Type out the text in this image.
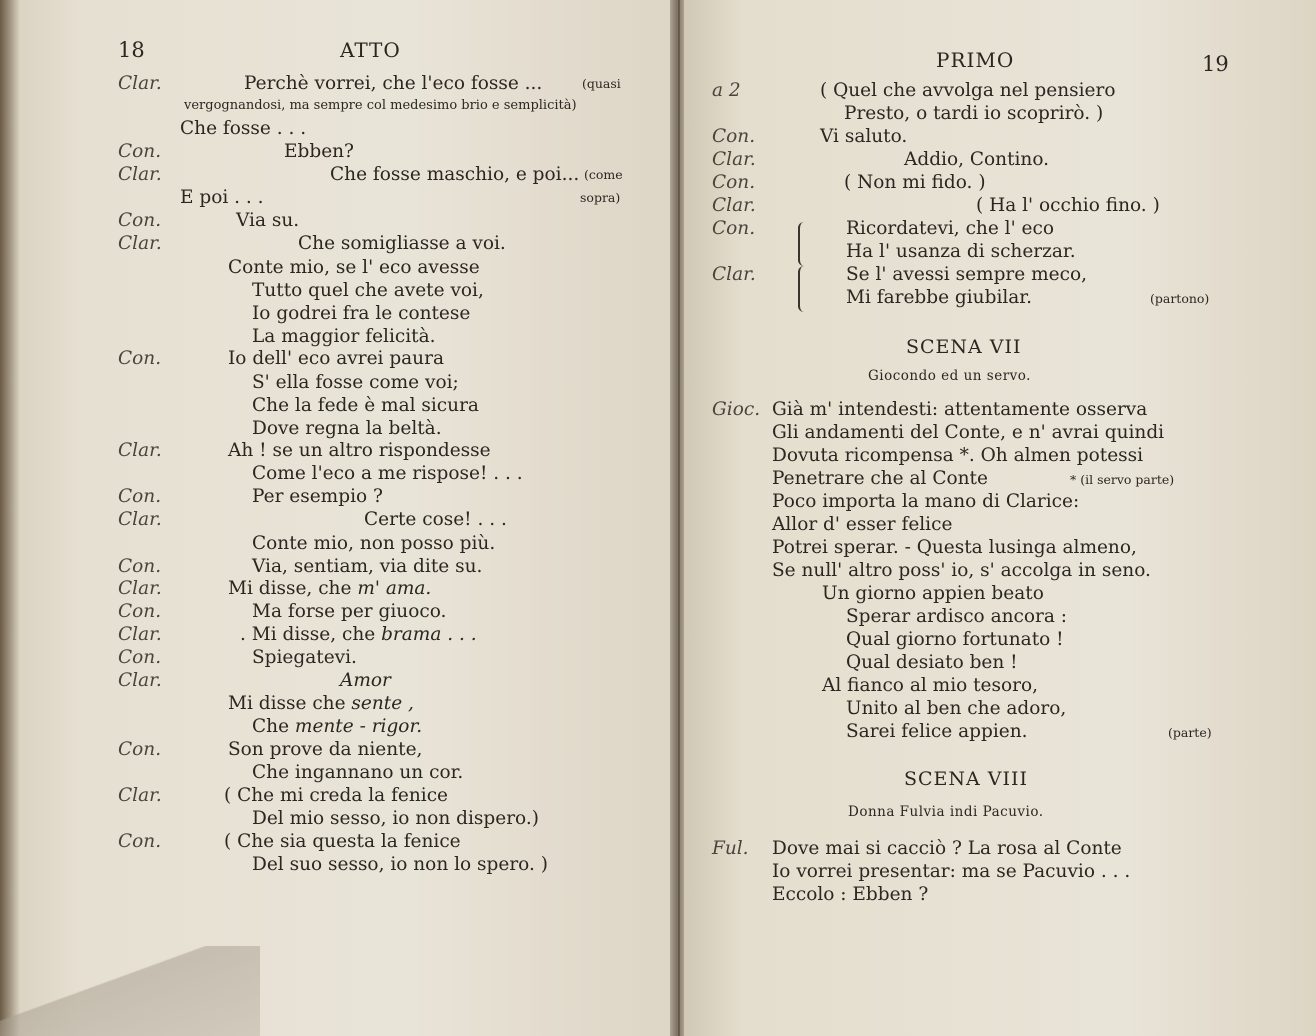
18	ATTO
Clar.	Perchè vorrei, che l'eco fosse ...	(quasi
vergognandosi, ma sempre col medesimo brio e semplicità)
Che fosse . . .
Con.	Ebben?
Clar.	Che fosse maschio, e poi... (come
E poi . . .	sopra)
Con.	Via su.
Clar.	Che somigliasse a voi.
Conte mio, se l' eco avesse
Tutto quel che avete voi,
Io godrei fra le contese
La maggior felicità.
Con.	Io dell' eco avrei paura
S' ella fosse come voi;
Che la fede è mal sicura
Dove regna la beltà.
Clar.	Ah ! se un altro rispondesse
Come l'eco a me rispose! . . .
Con.	Per esempio ?
Clar.	Certe cose! . . .
Conte mio, non posso più.
Con.	Via, sentiam, via dite su.
Clar.	Mi disse, che m' ama.
Con.	Ma forse per giuoco.
Clar.	. Mi disse, che brama . . .
Con.	Spiegatevi.
Clar.	Amor
Mi disse che sente ,
Che mente - rigor.
Con.	Son prove da niente,
Che ingannano un cor.
Clar.	( Che mi creda la fenice
Del mio sesso, io non dispero.)
Con.	( Che sia questa la fenice
Del suo sesso, io non lo spero. )
PRIMO	19
a 2	( Quel che avvolga nel pensiero
Presto, o tardi io scoprirò. )
Con.	Vi saluto.
Clar.	Addio, Contino.
Con.	( Non mi fido. )
Clar.	( Ha l' occhio fino. )
Con.	Ricordatevi, che l' eco
Ha l' usanza di scherzar.
Clar.	Se l' avessi sempre meco,
Mi farebbe giubilar.	(partono)
SCENA VII
Giocondo ed un servo.
Gioc. Già m' intendesti: attentamente osserva
Gli andamenti del Conte, e n' avrai quindi
Dovuta ricompensa *. Oh almen potessi
Penetrare che al Conte	* (il servo parte)
Poco importa la mano di Clarice:
Allor d' esser felice
Potrei sperar. - Questa lusinga almeno,
Se null' altro poss' io, s' accolga in seno.
Un giorno appien beato
Sperar ardisco ancora :
Qual giorno fortunato !
Qual desiato ben !
Al fianco al mio tesoro,
Unito al ben che adoro,
Sarei felice appien.	(parte)
SCENA VIII
Donna Fulvia indi Pacuvio.
Ful. Dove mai si cacciò ? La rosa al Conte
Io vorrei presentar: ma se Pacuvio . . .
Eccolo : Ebben ?
